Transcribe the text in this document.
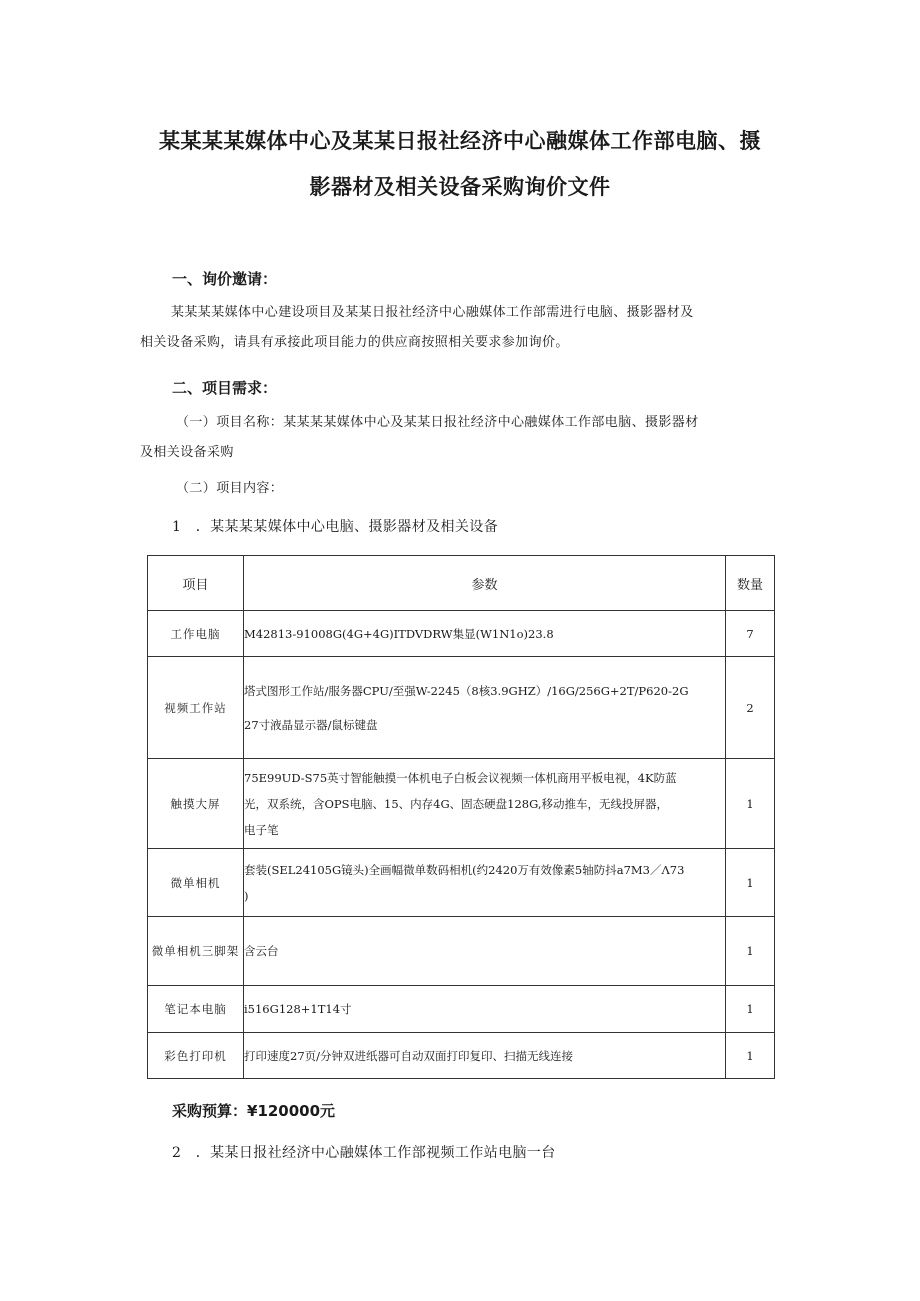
某某某某媒体中心及某某日报社经济中心融媒体工作部电脑、摄
影器材及相关设备采购询价文件
一、询价邀请：
某某某某媒体中心建设项目及某某日报社经济中心融媒体工作部需进行电脑、摄影器材及
相关设备采购，请具有承接此项目能力的供应商按照相关要求参加询价。
二、项目需求：
（一）项目名称：某某某某媒体中心及某某日报社经济中心融媒体工作部电脑、摄影器材
及相关设备采购
（二）项目内容：
1　．某某某某媒体中心电脑、摄影器材及相关设备
项目	参数	数量
工作电脑	M42813-91008G(4G+4G)ITDVDRW集显(W1N1o)23.8	7
视频工作站	塔式图形工作站/服务器CPU/至强W-2245（8核3.9GHZ）/16G/256G+2T/P620-2G
27寸液晶显示器/鼠标键盘	2
触摸大屏	75E99UD-S75英寸智能触摸一体机电子白板会议视频一体机商用平板电视，4K防蓝
光，双系统，含OPS电脑、15、内存4G、固态硬盘128G,移动推车，无线投屏器，
电子笔	1
微单相机	套装(SEL24105G镜头)全画幅微单数码相机(约2420万有效像素5轴防抖a7M3／Λ73
)	1
微单相机三脚架	含云台	1
笔记本电脑	i516G128+1T14寸	1
彩色打印机	打印速度27页/分钟双进纸器可自动双面打印复印、扫描无线连接	1
采购预算：¥120000元
2　．某某日报社经济中心融媒体工作部视频工作站电脑一台
